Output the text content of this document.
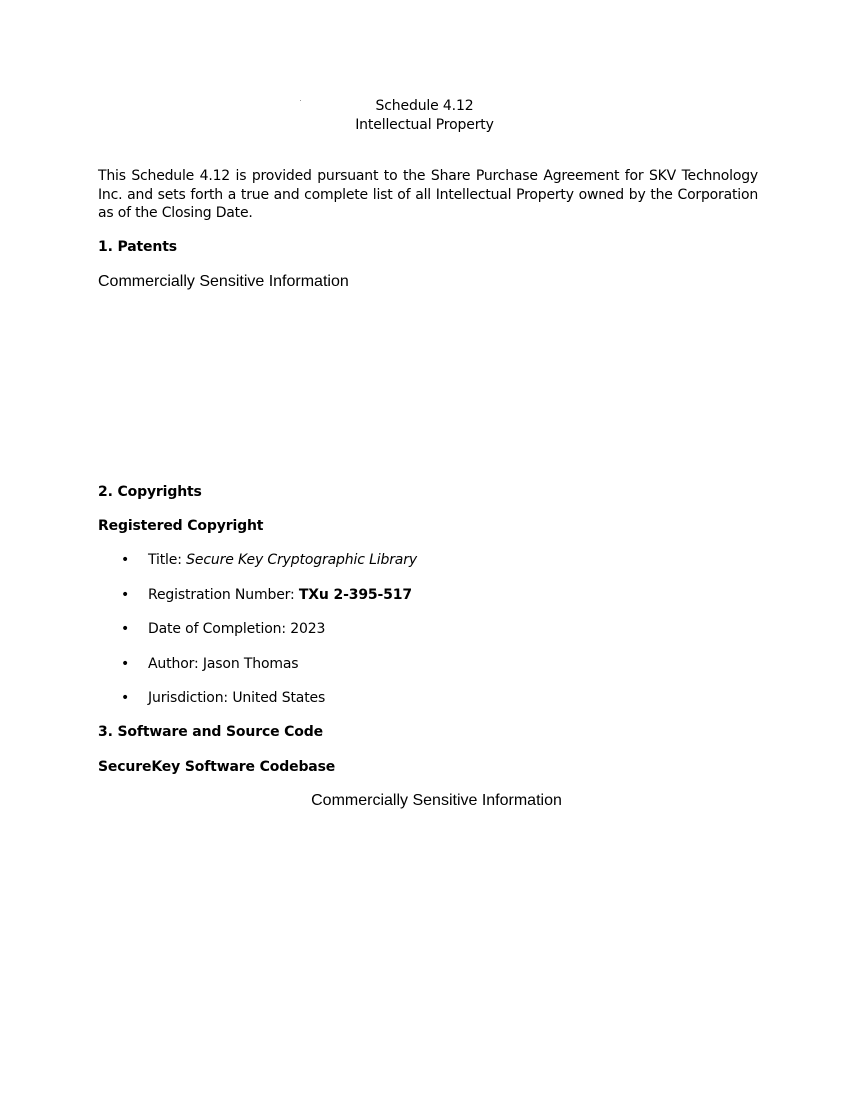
Schedule 4.12
Intellectual Property
This Schedule 4.12 is provided pursuant to the Share Purchase Agreement for SKV Technology Inc. and sets forth a true and complete list of all Intellectual Property owned by the Corporation as of the Closing Date.
1. Patents
Commercially Sensitive Information
2. Copyrights
Registered Copyright
• Title: Secure Key Cryptographic Library
• Registration Number: TXu 2-395-517
• Date of Completion: 2023
• Author: Jason Thomas
• Jurisdiction: United States
3. Software and Source Code
SecureKey Software Codebase
Commercially Sensitive Information
